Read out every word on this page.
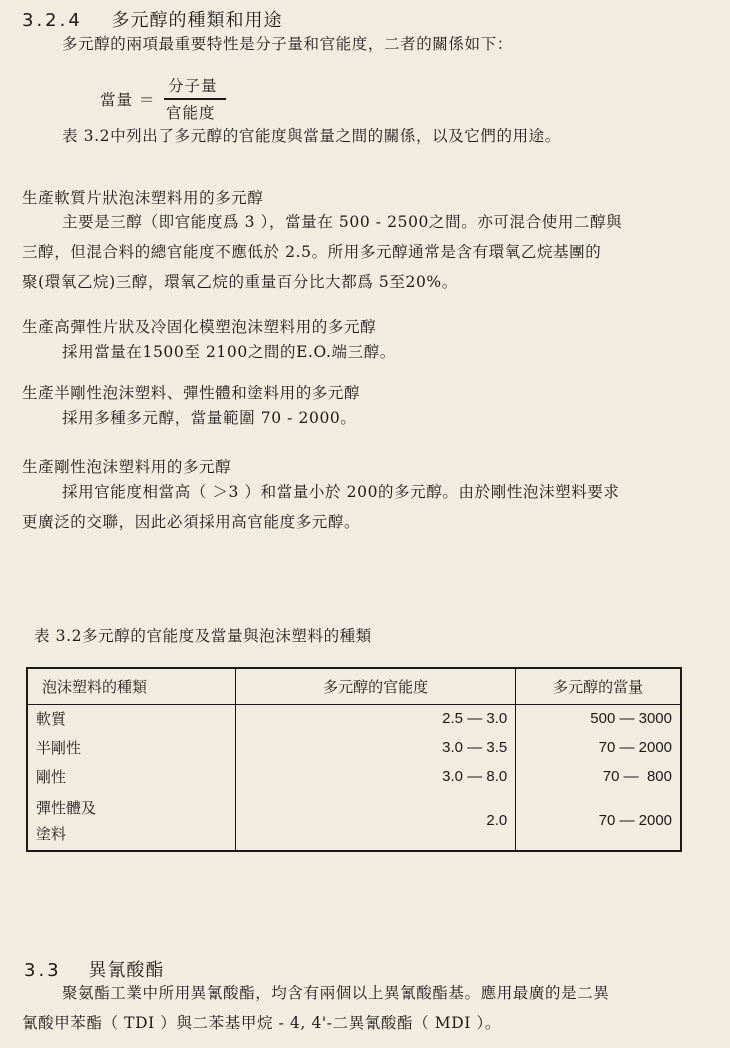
3.2.4 多元醇的種類和用途
多元醇的兩項最重要特性是分子量和官能度，二者的關係如下：
當量 ＝
分子量
官能度
表 3.2中列出了多元醇的官能度與當量之間的關係，以及它們的用途。
生產軟質片狀泡沫塑料用的多元醇
主要是三醇（即官能度爲 3 ），當量在 500 - 2500之間。亦可混合使用二醇與
三醇，但混合料的總官能度不應低於 2.5。所用多元醇通常是含有環氧乙烷基團的
聚(環氧乙烷)三醇，環氧乙烷的重量百分比大都爲 5至20%。
生產高彈性片狀及冷固化模塑泡沫塑料用的多元醇
採用當量在1500至 2100之間的E.O.端三醇。
生產半剛性泡沫塑料、彈性體和塗料用的多元醇
採用多種多元醇，當量範圍 70 - 2000。
生產剛性泡沫塑料用的多元醇
採用官能度相當高（ ＞3 ）和當量小於 200的多元醇。由於剛性泡沫塑料要求
更廣泛的交聯，因此必須採用高官能度多元醇。
表 3.2多元醇的官能度及當量與泡沫塑料的種類
泡沫塑料的種類	多元醇的官能度	多元醇的當量
軟質	2.5 — 3.0	500 — 3000
半剛性	3.0 — 3.5	70 — 2000
剛性	3.0 — 8.0	70 —  800
彈性體及
塗料	2.0	70 — 2000
3.3 異氰酸酯
聚氨酯工業中所用異氰酸酯，均含有兩個以上異氰酸酯基。應用最廣的是二異
氰酸甲苯酯（ TDI ）與二苯基甲烷 - 4, 4'-二異氰酸酯（ MDI ）。
